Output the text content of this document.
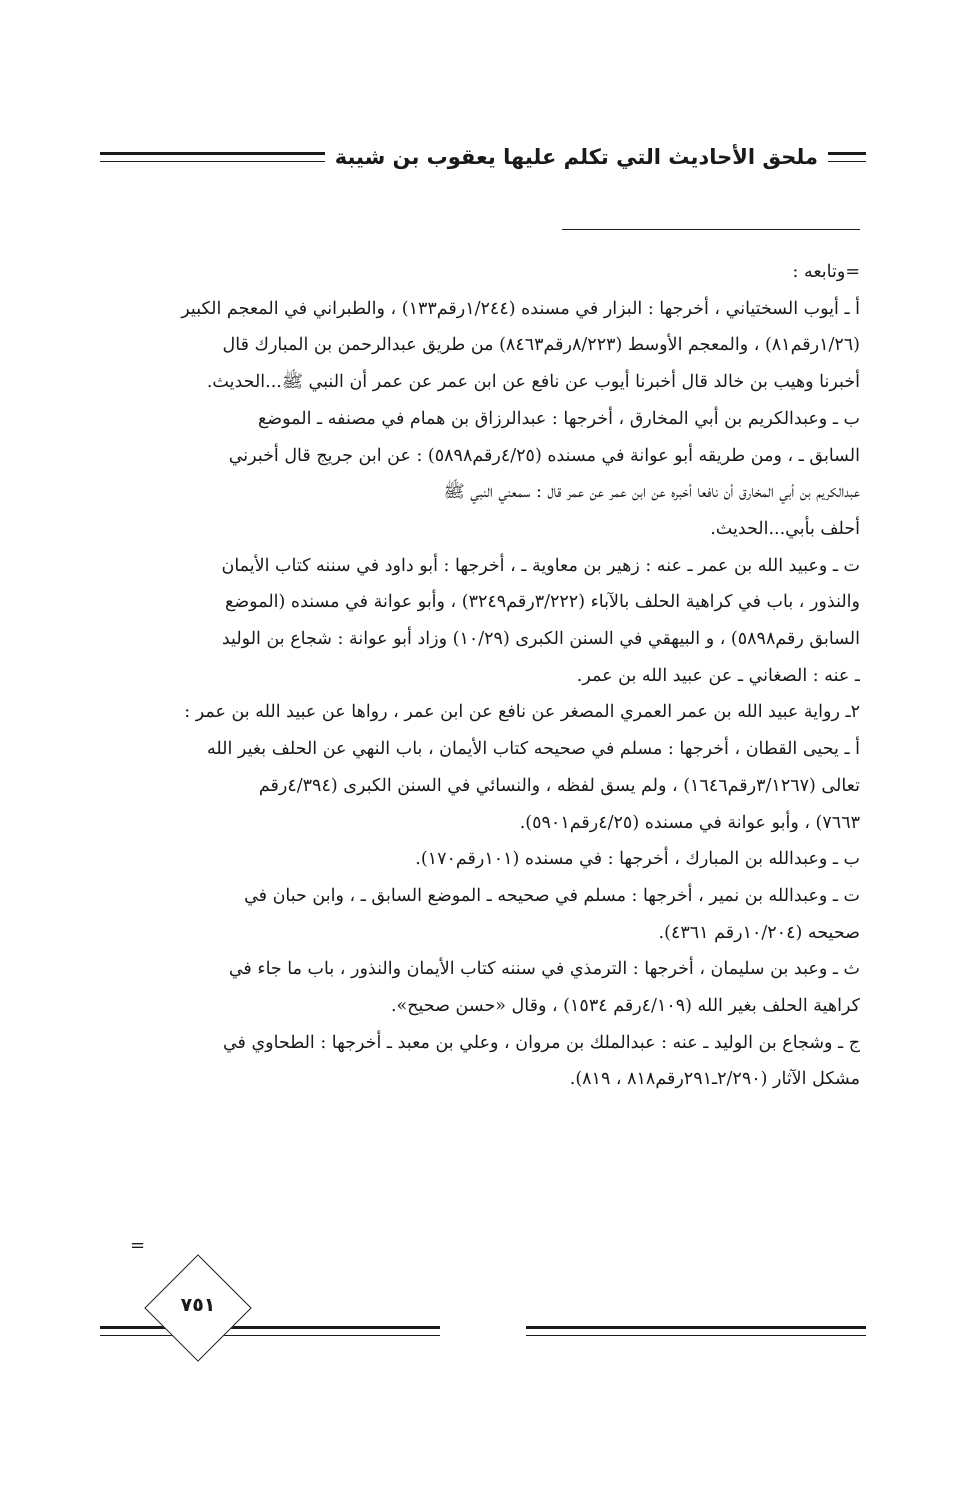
ملحق الأحاديث التي تكلم عليها يعقوب بن شيبة
=وتابعه :
أ ـ أيوب السختياني ، أخرجها : البزار في مسنده (١/٢٤٤رقم١٣٣) ، والطبراني في المعجم الكبير
(١/٢٦رقم٨١) ، والمعجم الأوسط (٨/٢٢٣رقم٨٤٦٣) من طريق عبدالرحمن بن المبارك قال
أخبرنا وهيب بن خالد قال أخبرنا أيوب عن نافع عن ابن عمر عن عمر أن النبي ﷺ...الحديث.
ب ـ وعبدالكريم بن أبي المخارق ، أخرجها : عبدالرزاق بن همام في مصنفه ـ الموضع
السابق ـ ، ومن طريقه أبو عوانة في مسنده (٤/٢٥رقم٥٨٩٨) : عن ابن جريج قال أخبرني
عبدالكريم بن أبي المخارق أن نافعا أخبره عن ابن عمر عن عمر قال : سمعني النبي ﷺ
أحلف بأبي...الحديث.
ت ـ وعبيد الله بن عمر ـ عنه : زهير بن معاوية ـ ، أخرجها : أبو داود في سننه كتاب الأيمان
والنذور ، باب في كراهية الحلف بالآباء (٣/٢٢٢رقم٣٢٤٩) ، وأبو عوانة في مسنده (الموضع
السابق رقم٥٨٩٨) ، و البيهقي في السنن الكبرى (١٠/٢٩) وزاد أبو عوانة : شجاع بن الوليد
ـ عنه : الصغاني ـ عن عبيد الله بن عمر.
٢ـ رواية عبيد الله بن عمر العمري المصغر عن نافع عن ابن عمر ، رواها عن عبيد الله بن عمر :
أ ـ يحيى القطان ، أخرجها : مسلم في صحيحه كتاب الأيمان ، باب النهي عن الحلف بغير الله
تعالى (٣/١٢٦٧رقم١٦٤٦) ، ولم يسق لفظه ، والنسائي في السنن الكبرى (٤/٣٩٤رقم
٧٦٦٣) ، وأبو عوانة في مسنده (٤/٢٥رقم٥٩٠١).
ب ـ وعبدالله بن المبارك ، أخرجها : في مسنده (١٠١رقم١٧٠).
ت ـ وعبدالله بن نمير ، أخرجها : مسلم في صحيحه ـ الموضع السابق ـ ، وابن حبان في
صحيحه (١٠/٢٠٤رقم ٤٣٦١).
ث ـ وعبد بن سليمان ، أخرجها : الترمذي في سننه كتاب الأيمان والنذور ، باب ما جاء في
كراهية الحلف بغير الله (٤/١٠٩رقم ١٥٣٤) ، وقال «حسن صحيح».
ج ـ وشجاع بن الوليد ـ عنه : عبدالملك بن مروان ، وعلي بن معبد ـ أخرجها : الطحاوي في
مشكل الآثار (٢/٢٩٠ـ٢٩١رقم٨١٨ ، ٨١٩).
=
٧٥١
